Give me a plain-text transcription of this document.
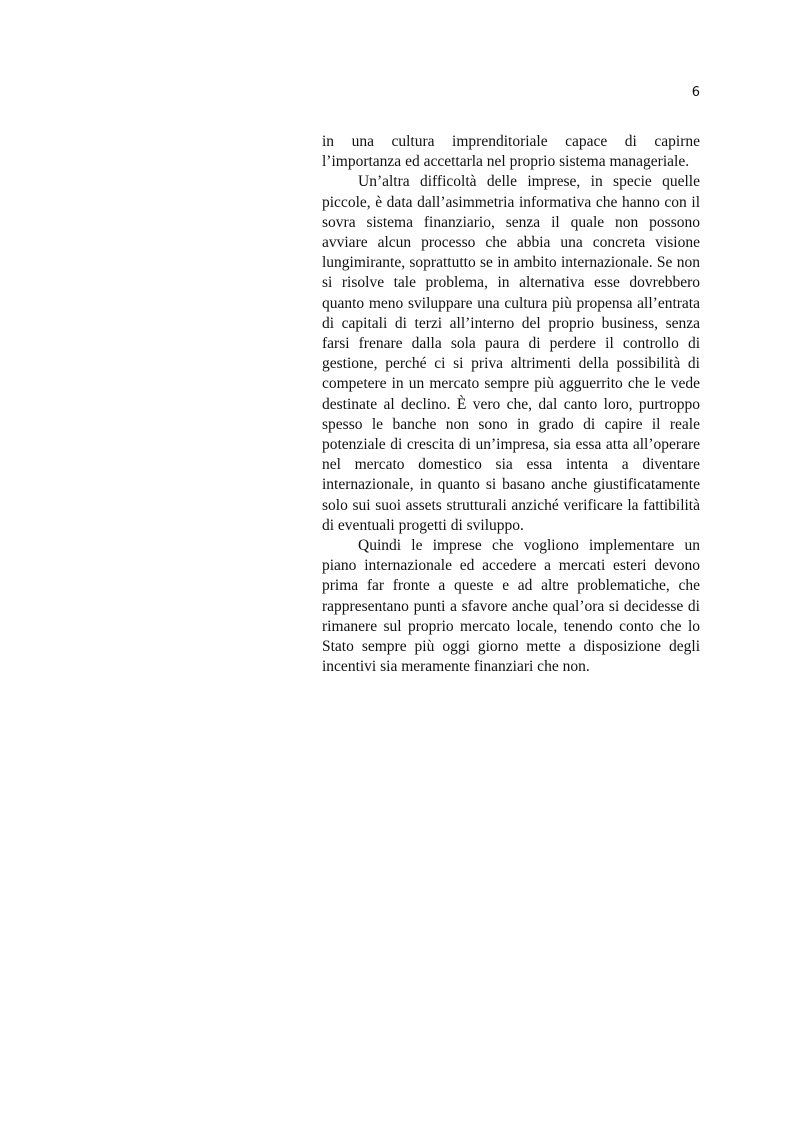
6

in una cultura imprenditoriale capace di capirne l’importanza ed accettarla nel proprio sistema manageriale.

Un’altra difficoltà delle imprese, in specie quelle piccole, è data dall’asimmetria informativa che hanno con il sovra sistema finanziario, senza il quale non possono avviare alcun processo che abbia una concreta visione lungimirante, soprattutto se in ambito internazionale. Se non si risolve tale problema, in alternativa esse dovrebbero quanto meno sviluppare una cultura più propensa all’entrata di capitali di terzi all’interno del proprio business, senza farsi frenare dalla sola paura di perdere il controllo di gestione, perché ci si priva altrimenti della possibilità di competere in un mercato sempre più agguerrito che le vede destinate al declino. È vero che, dal canto loro, purtroppo spesso le banche non sono in grado di capire il reale potenziale di crescita di un’impresa, sia essa atta all’operare nel mercato domestico sia essa intenta a diventare internazionale, in quanto si basano anche giustificatamente solo sui suoi assets strutturali anziché verificare la fattibilità di eventuali progetti di sviluppo.

Quindi le imprese che vogliono implementare un piano internazionale ed accedere a mercati esteri devono prima far fronte a queste e ad altre problematiche, che rappresentano punti a sfavore anche qual’ora si decidesse di rimanere sul proprio mercato locale, tenendo conto che lo Stato sempre più oggi giorno mette a disposizione degli incentivi sia meramente finanziari che non.
